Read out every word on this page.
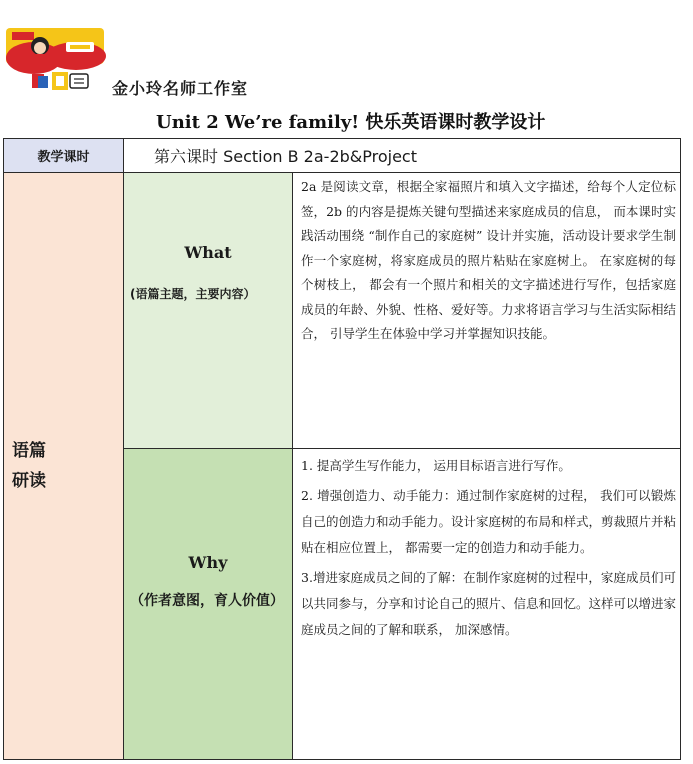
金小玲名师工作室
Unit 2 We’re family! 快乐英语课时教学设计
教学课时	第六课时 Section B 2a-2b&Project
语篇
研读
What
(语篇主题，主要内容）
2a 是阅读文章，根据全家福照片和填入文字描述，给每个人定位标签，2b 的内容是提炼关键句型描述来家庭成员的信息， 而本课时实践活动围绕 “制作自己的家庭树” 设计并实施，活动设计要求学生制作一个家庭树，将家庭成员的照片粘贴在家庭树上。 在家庭树的每个树枝上， 都会有一个照片和相关的文字描述进行写作，包括家庭成员的年龄、外貌、性格、爱好等。力求将语言学习与生活实际相结合， 引导学生在体验中学习并掌握知识技能。
Why
（作者意图，育人价值）

1. 提高学生写作能力， 运用目标语言进行写作。

2. 增强创造力、动手能力：通过制作家庭树的过程， 我们可以锻炼自己的创造力和动手能力。设计家庭树的布局和样式，剪裁照片并粘贴在相应位置上， 都需要一定的创造力和动手能力。

3.增进家庭成员之间的了解：在制作家庭树的过程中，家庭成员们可以共同参与，分享和讨论自己的照片、信息和回忆。这样可以增进家庭成员之间的了解和联系， 加深感情。
